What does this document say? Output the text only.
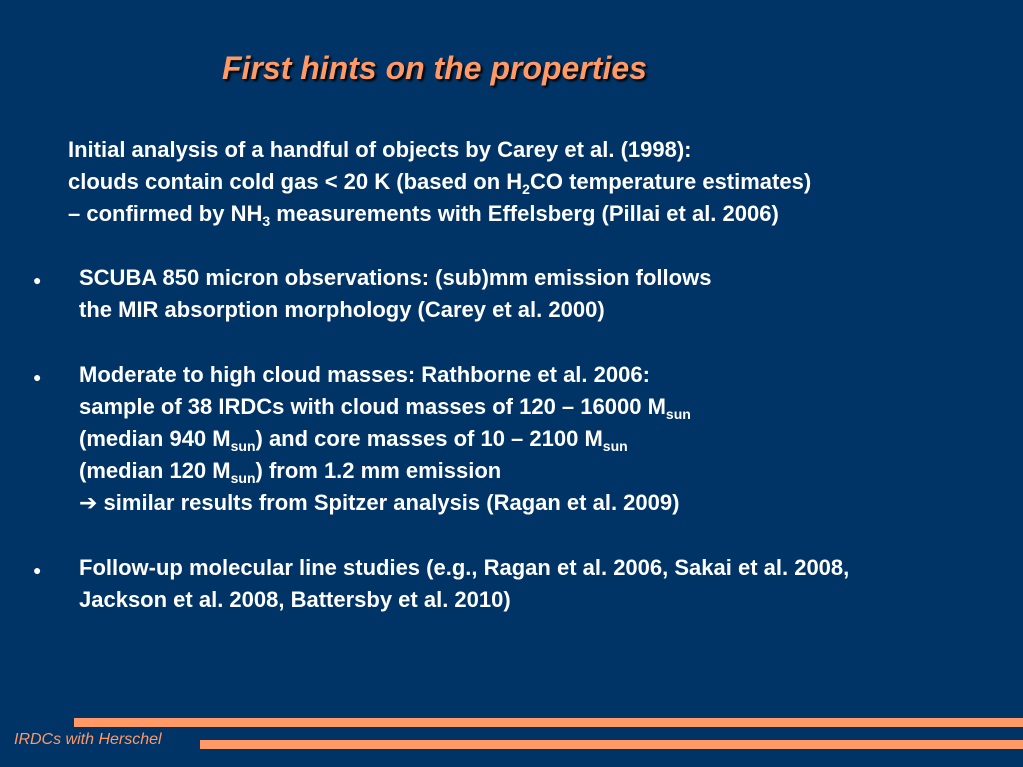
First hints on the properties
Initial analysis of a handful of objects by Carey et al. (1998):
clouds contain cold gas < 20 K (based on $H_2CO$ temperature estimates)
– confirmed by $NH_3$ measurements with Effelsberg (Pillai et al. 2006)
● SCUBA 850 micron observations: (sub)mm emission follows
the MIR absorption morphology (Carey et al. 2000)
● Moderate to high cloud masses: Rathborne et al. 2006:
sample of 38 IRDCs with cloud masses of 120 – 16000 $M_{sun}$
(median 940 $M_{sun}$) and core masses of 10 – 2100 $M_{sun}$
(median 120 $M_{sun}$) from 1.2 mm emission
➔ similar results from Spitzer analysis (Ragan et al. 2009)
● Follow-up molecular line studies (e.g., Ragan et al. 2006, Sakai et al. 2008,
Jackson et al. 2008, Battersby et al. 2010)
IRDCs with Herschel
